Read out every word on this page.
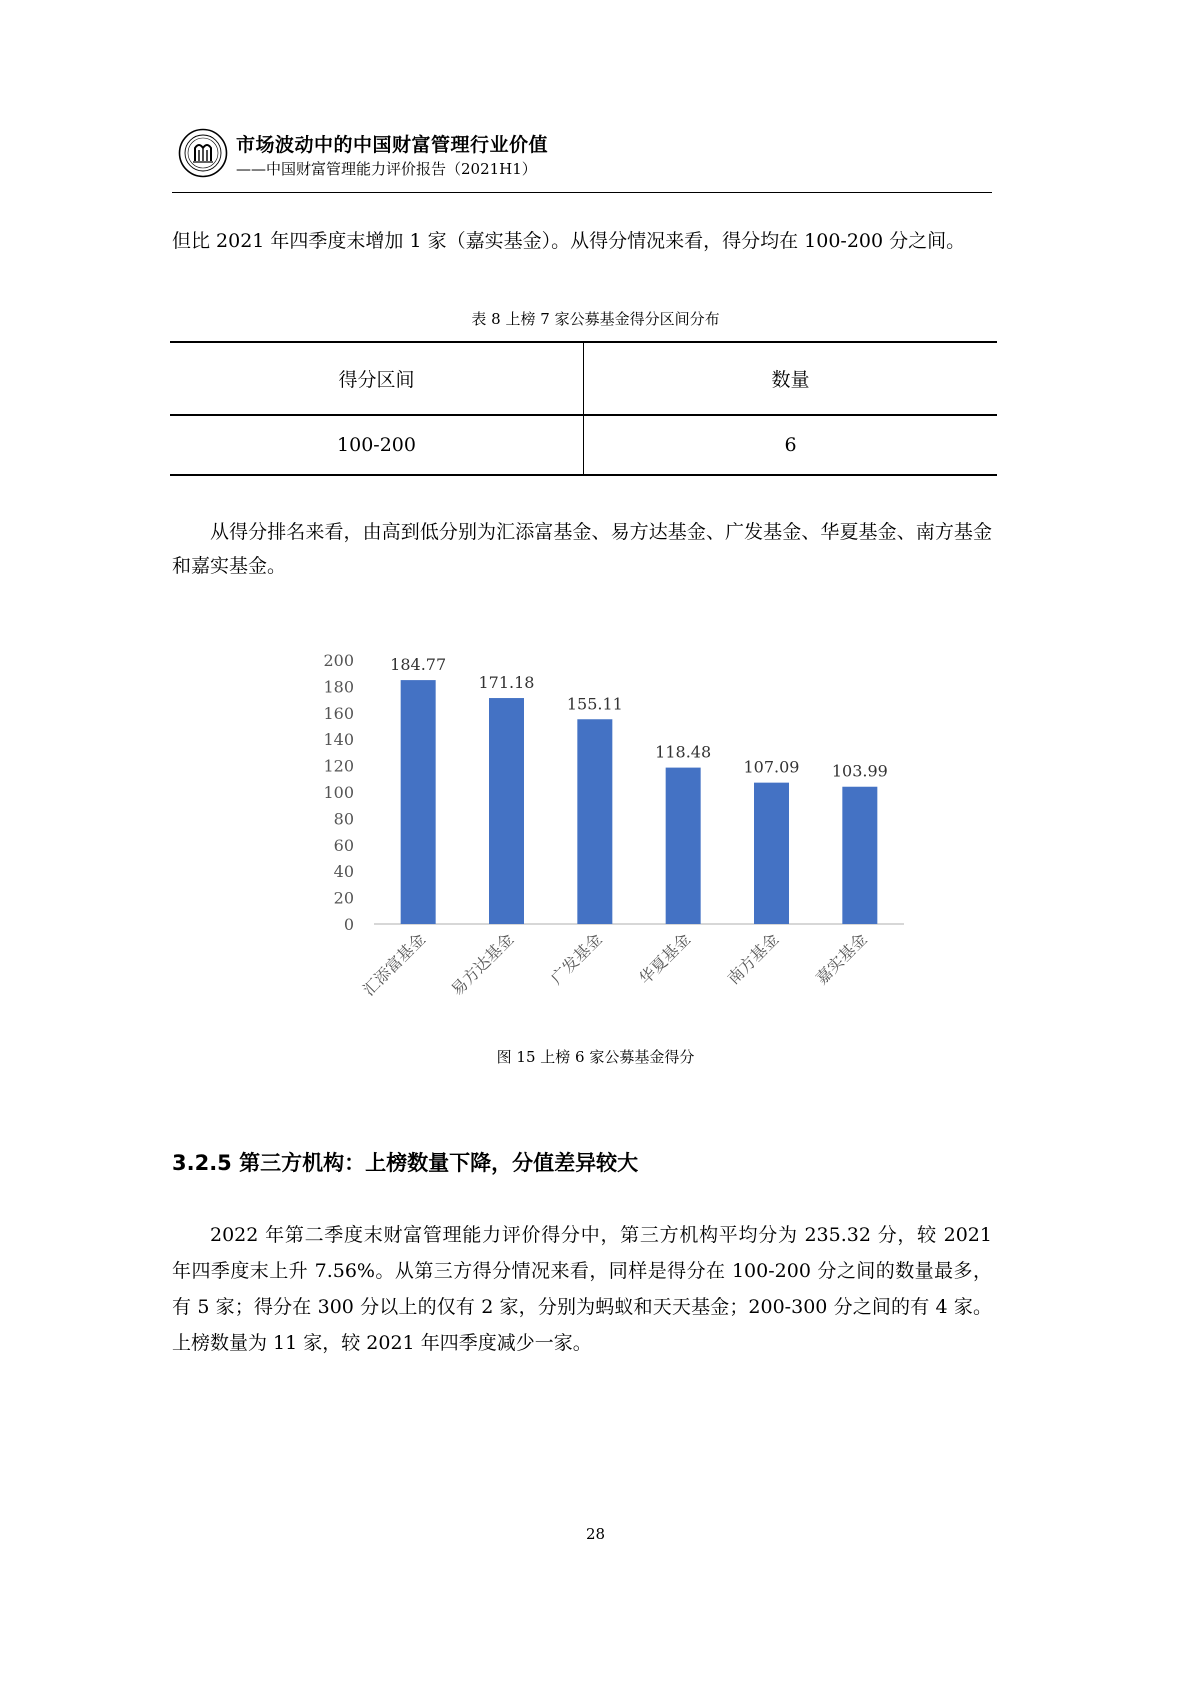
市场波动中的中国财富管理行业价值
——中国财富管理能力评价报告（2021H1）
但比 2021 年四季度末增加 1 家（嘉实基金）。从得分情况来看，得分均在 100-200 分之间。
表 8 上榜 7 家公募基金得分区间分布
得分区间	数量
100-200	6
从得分排名来看，由高到低分别为汇添富基金、易方达基金、广发基金、华夏基金、南方基金和嘉实基金。
0
20
40
60
80
100
120
140
160
180
200 184.77
汇添富基金
171.18
易方达基金
155.11
广发基金
118.48
华夏基金
107.09
南方基金
103.99
嘉实基金
图 15 上榜 6 家公募基金得分
3.2.5 第三方机构：上榜数量下降，分值差异较大
2022 年第二季度末财富管理能力评价得分中，第三方机构平均分为 235.32 分，较 2021 年四季度末上升 7.56%。从第三方得分情况来看，同样是得分在 100-200 分之间的数量最多，有 5 家；得分在 300 分以上的仅有 2 家，分别为蚂蚁和天天基金；200-300 分之间的有 4 家。上榜数量为 11 家，较 2021 年四季度减少一家。
28
